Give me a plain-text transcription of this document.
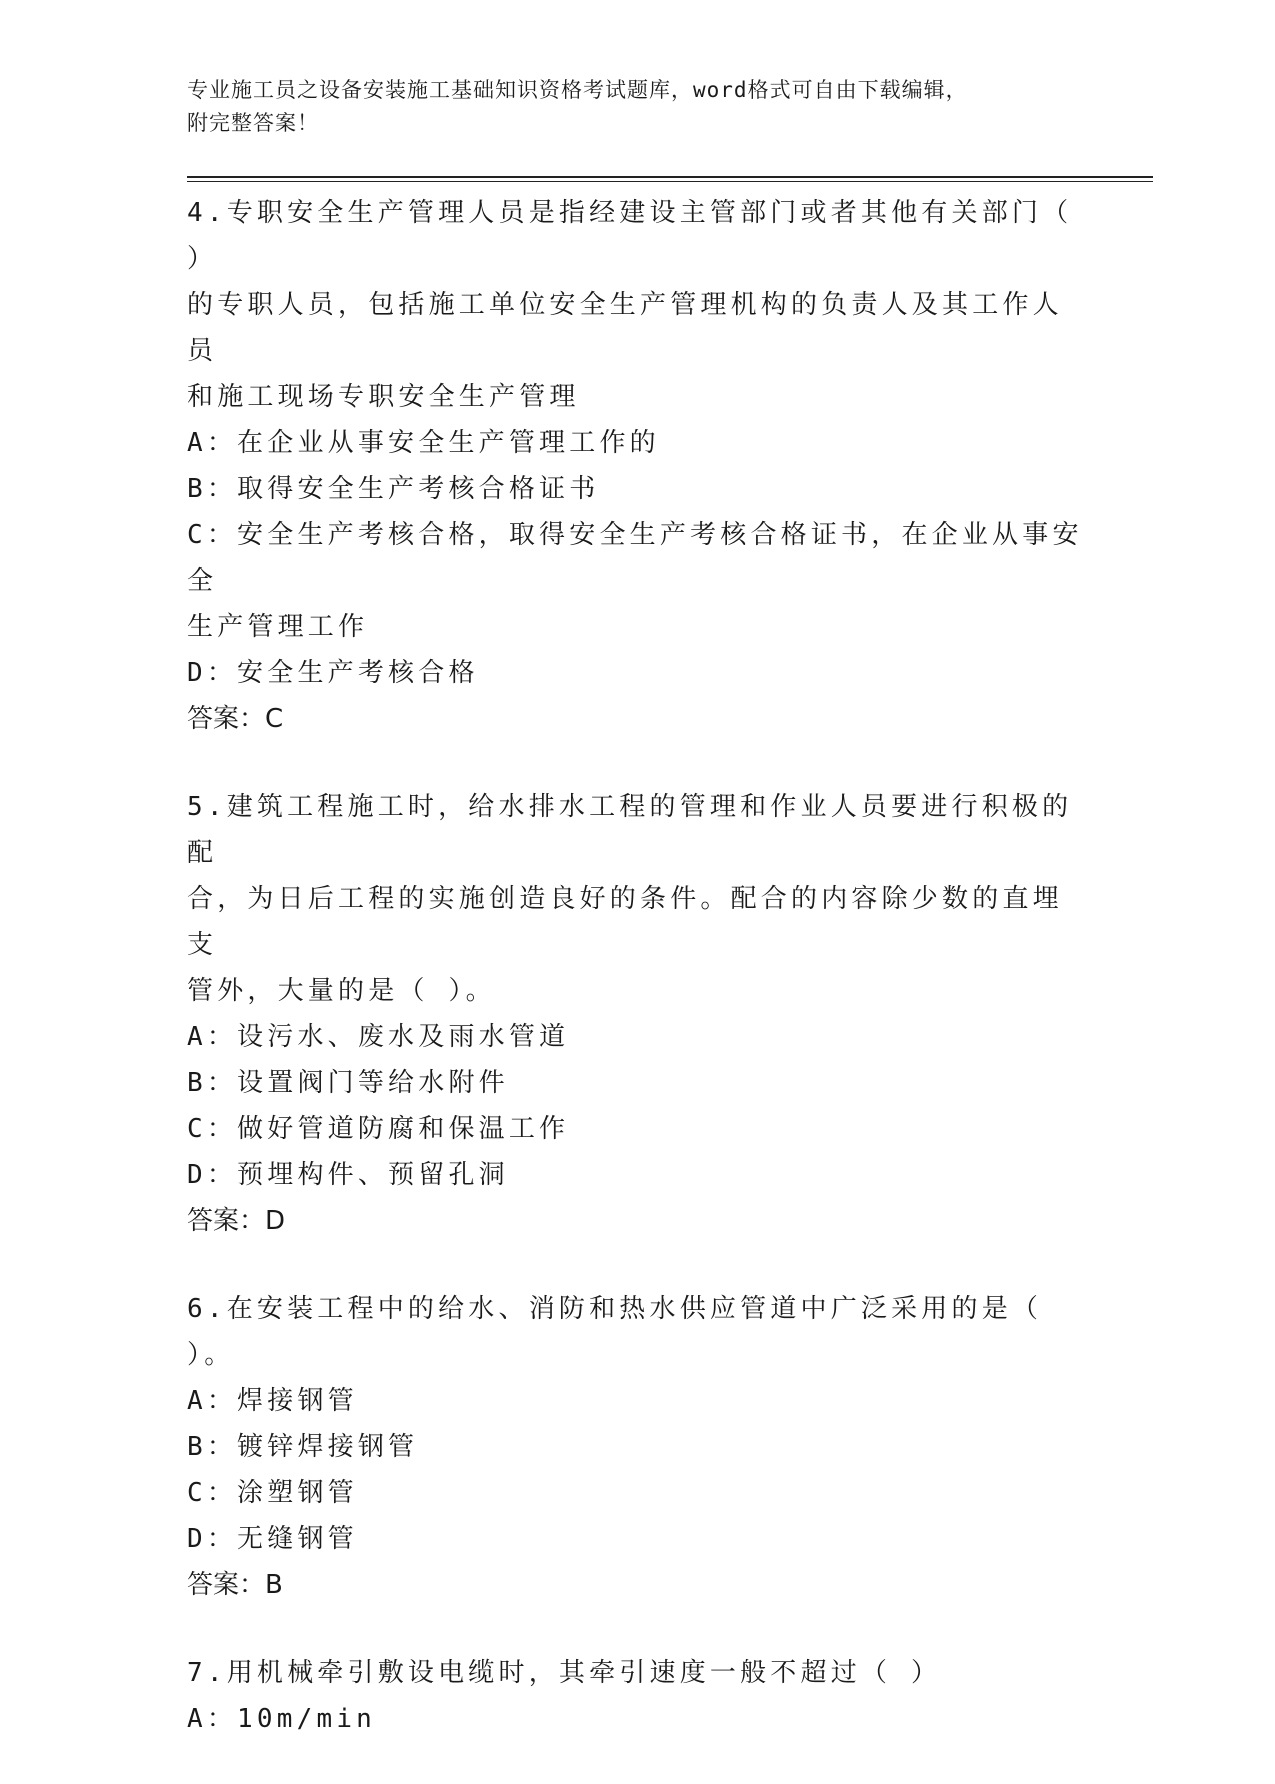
专业施工员之设备安装施工基础知识资格考试题库，word格式可自由下载编辑，
附完整答案！

4.专职安全生产管理人员是指经建设主管部门或者其他有关部门（ ）

的专职人员，包括施工单位安全生产管理机构的负责人及其工作人员

和施工现场专职安全生产管理

A：在企业从事安全生产管理工作的

B：取得安全生产考核合格证书

C：安全生产考核合格，取得安全生产考核合格证书，在企业从事安全

生产管理工作

D：安全生产考核合格

答案：C

5.建筑工程施工时，给水排水工程的管理和作业人员要进行积极的配

合，为日后工程的实施创造良好的条件。配合的内容除少数的直埋支

管外，大量的是（ ）。

A：设污水、废水及雨水管道

B：设置阀门等给水附件

C：做好管道防腐和保温工作

D：预埋构件、预留孔洞

答案：D

6.在安装工程中的给水、消防和热水供应管道中广泛采用的是（ ）。

A：焊接钢管

B：镀锌焊接钢管

C：涂塑钢管

D：无缝钢管

答案：B

7.用机械牵引敷设电缆时，其牵引速度一般不超过（ ）

A：10m/min
